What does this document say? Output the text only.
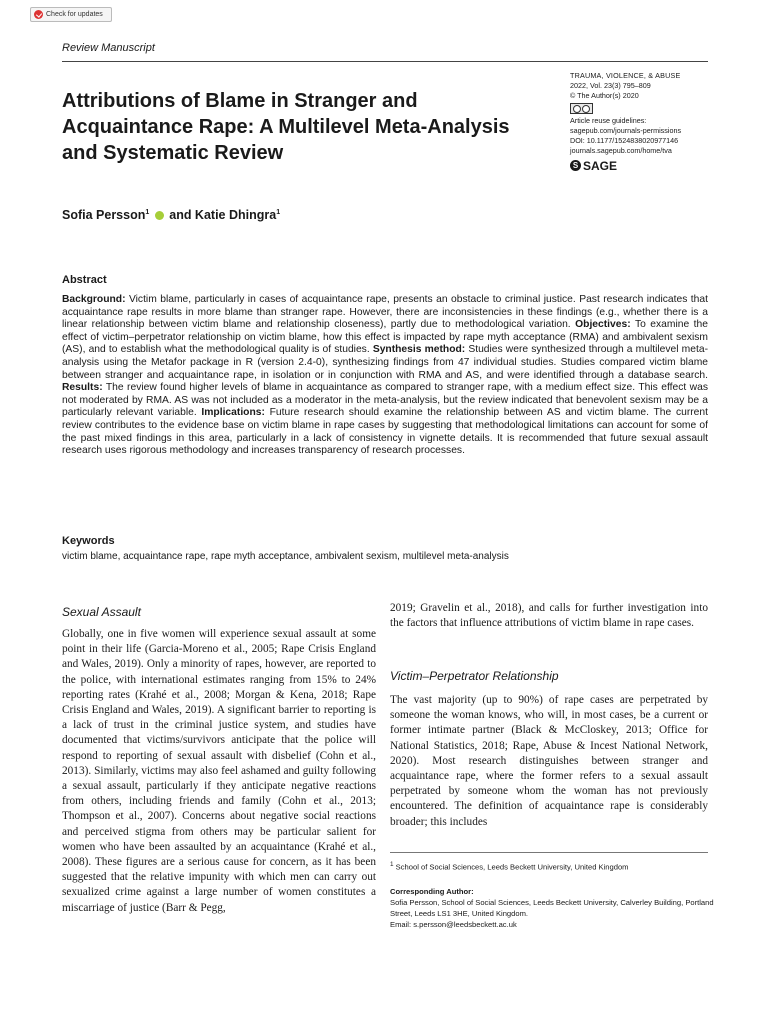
Check for updates
Review Manuscript
Attributions of Blame in Stranger and Acquaintance Rape: A Multilevel Meta-Analysis and Systematic Review
TRAUMA, VIOLENCE, & ABUSE
2022, Vol. 23(3) 795–809
© The Author(s) 2020
Article reuse guidelines:
sagepub.com/journals-permissions
DOI: 10.1177/1524838020977146
journals.sagepub.com/home/tva
S SAGE
Sofia Persson$^1$  and Katie Dhingra$^1$
Abstract

Background: Victim blame, particularly in cases of acquaintance rape, presents an obstacle to criminal justice. Past research indicates that acquaintance rape results in more blame than stranger rape. However, there are inconsistencies in these findings (e.g., whether there is a linear relationship between victim blame and relationship closeness), partly due to methodological variation. Objectives: To examine the effect of victim–perpetrator relationship on victim blame, how this effect is impacted by rape myth acceptance (RMA) and ambivalent sexism (AS), and to establish what the methodological quality is of studies. Synthesis method: Studies were synthesized through a multilevel meta-analysis using the Metafor package in R (version 2.4-0), synthesizing findings from 47 individual studies. Studies compared victim blame between stranger and acquaintance rape, in isolation or in conjunction with RMA and AS, and were identified through a database search. Results: The review found higher levels of blame in acquaintance as compared to stranger rape, with a medium effect size. This effect was not moderated by RMA. AS was not included as a moderator in the meta-analysis, but the review indicated that benevolent sexism may be a particularly relevant variable. Implications: Future research should examine the relationship between AS and victim blame. The current review contributes to the evidence base on victim blame in rape cases by suggesting that methodological limitations can account for some of the past mixed findings in this area, particularly in a lack of consistency in vignette details. It is recommended that future sexual assault research uses rigorous methodology and increases transparency of research processes.

Keywords
victim blame, acquaintance rape, rape myth acceptance, ambivalent sexism, multilevel meta-analysis
Sexual Assault

Globally, one in five women will experience sexual assault at some point in their life (Garcia-Moreno et al., 2005; Rape Crisis England and Wales, 2019). Only a minority of rapes, however, are reported to the police, with international estimates ranging from 15% to 24% reporting rates (Krahé et al., 2008; Morgan & Kena, 2018; Rape Crisis England and Wales, 2019). A significant barrier to reporting is a lack of trust in the criminal justice system, and studies have documented that victims/survivors anticipate that the police will respond to reporting of sexual assault with disbelief (Cohn et al., 2013). Similarly, victims may also feel ashamed and guilty following a sexual assault, particularly if they anticipate negative reactions from others, including friends and family (Cohn et al., 2013; Thompson et al., 2007). Concerns about negative social reactions and perceived stigma from others may be particular salient for women who have been assaulted by an acquaintance (Krahé et al., 2008). These figures are a serious cause for concern, as it has been suggested that the relative impunity with which men can carry out sexualized crime against a large number of women constitutes a miscarriage of justice (Barr & Pegg,

2019; Gravelin et al., 2018), and calls for further investigation into the factors that influence attributions of victim blame in rape cases.

Victim–Perpetrator Relationship

The vast majority (up to 90%) of rape cases are perpetrated by someone the woman knows, who will, in most cases, be a current or former intimate partner (Black & McCloskey, 2013; Office for National Statistics, 2018; Rape, Abuse & Incest National Network, 2020). Most research distinguishes between stranger and acquaintance rape, where the former refers to a sexual assault perpetrated by someone whom the woman has not previously encountered. The definition of acquaintance rape is considerably broader; this includes

$^1$ School of Social Sciences, Leeds Beckett University, United Kingdom
Corresponding Author:
Sofia Persson, School of Social Sciences, Leeds Beckett University, Calverley Building, Portland Street, Leeds LS1 3HE, United Kingdom.
Email: s.persson@leedsbeckett.ac.uk
